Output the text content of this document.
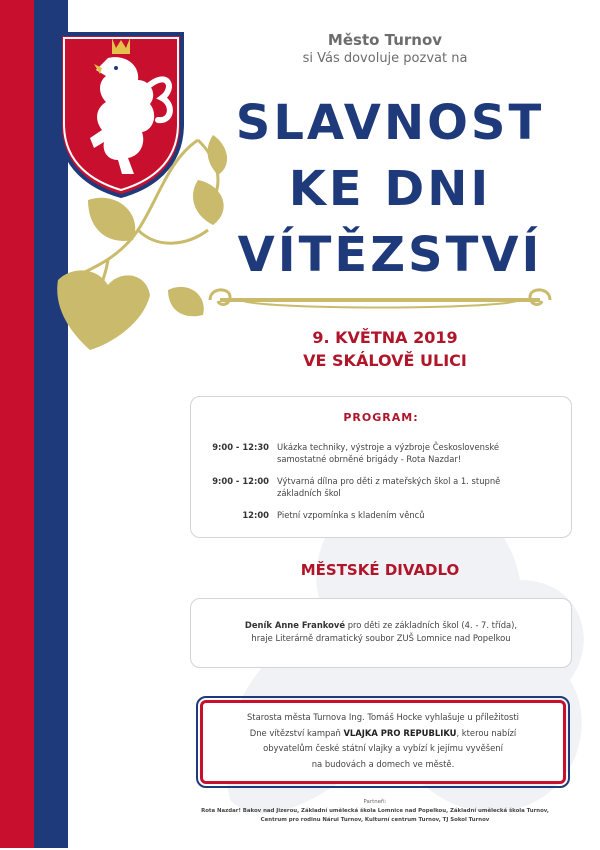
Město Turnov
si Vás dovoluje pozvat na
SLAVNOST
KE DNI
VÍTĚZSTVÍ
9. KVĚTNA 2019
VE SKÁLOVĚ ULICI
PROGRAM:
9:00 - 12:30 Ukázka techniky, výstroje a výzbroje Československé samostatné obrněné brigády - Rota Nazdar!
9:00 - 12:00 Výtvarná dílna pro děti z mateřských škol a 1. stupně základních škol
12:00 Pietní vzpomínka s kladením věnců
MĚSTSKÉ DIVADLO
Deník Anne Frankové pro děti ze základních škol (4. - 7. třída),
hraje Literárně dramatický soubor ZUŠ Lomnice nad Popelkou
Starosta města Turnova Ing. Tomáš Hocke vyhlašuje u příležitosti
Dne vítězství kampaň VLAJKA PRO REPUBLIKU, kterou nabízí
obyvatelům české státní vlajky a vybízí k jejímu vyvěšení
na budovách a domech ve městě.
Partneři:
Rota Nazdar! Bakov nad Jizerou, Základní umělecká škola Lomnice nad Popelkou, Základní umělecká škola Turnov,
Centrum pro rodinu Nárui Turnov, Kulturní centrum Turnov, TJ Sokol Turnov
